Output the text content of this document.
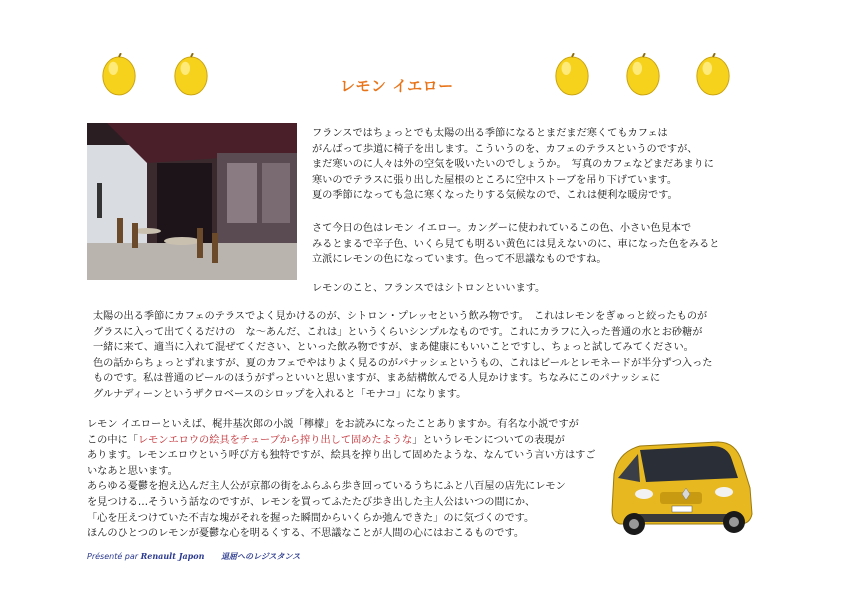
レモン イエロー
フランスではちょっとでも太陽の出る季節になるとまだまだ寒くてもカフェは
がんばって歩道に椅子を出します。こういうのを、カフェのテラスというのですが、
まだ寒いのに人々は外の空気を吸いたいのでしょうか。　写真のカフェなどまだあまりに
寒いのでテラスに張り出した屋根のところに空中ストーブを吊り下げています。
夏の季節になっても急に寒くなったりする気候なので、これは便利な暖房です。
さて今日の色はレモン イエロー。カングーに使われているこの色、小さい色見本で
みるとまるで辛子色、いくら見ても明るい黄色には見えないのに、車になった色をみると
立派にレモンの色になっています。色って不思議なものですね。
レモンのこと、フランスではシトロンといいます。
太陽の出る季節にカフェのテラスでよく見かけるのが、シトロン・プレッセという飲み物です。　これはレモンをぎゅっと絞ったものが
グラスに入って出てくるだけの　な～あんだ、これは」というくらいシンプルなものです。これにカラフに入った普通の水とお砂糖が
一緒に来て、適当に入れて混ぜてください、といった飲み物ですが、まあ健康にもいいことですし、ちょっと試してみてください。
色の話からちょっとずれますが、夏のカフェでやはりよく見るのがパナッシェというもの、これはビールとレモネードが半分ずつ入った
ものです。私は普通のビールのほうがずっといいと思いますが、まあ結構飲んでる人見かけます。ちなみにこのパナッシェに
グルナディーンというザクロベースのシロップを入れると「モナコ」になります。
レモン イエローといえば、梶井基次郎の小説「檸檬」をお読みになったことありますか。有名な小説ですが
この中に「レモンエロウの絵具をチューブから搾り出して固めたような」というレモンについての表現が
あります。レモンエロウという呼び方も独特ですが、絵具を搾り出して固めたような、なんていう言い方はすご
いなあと思います。
あらゆる憂鬱を抱え込んだ主人公が京都の街をふらふら歩き回っているうちにふと八百屋の店先にレモン
を見つける…そういう話なのですが、レモンを買ってふたたび歩き出した主人公はいつの間にか、
「心を圧えつけていた不吉な塊がそれを握った瞬間からいくらか弛んできた」のに気づくのです。
ほんのひとつのレモンが憂鬱な心を明るくする、不思議なことが人間の心にはおこるものです。
Présenté par Renault Japon 退屈へのレジスタンス
